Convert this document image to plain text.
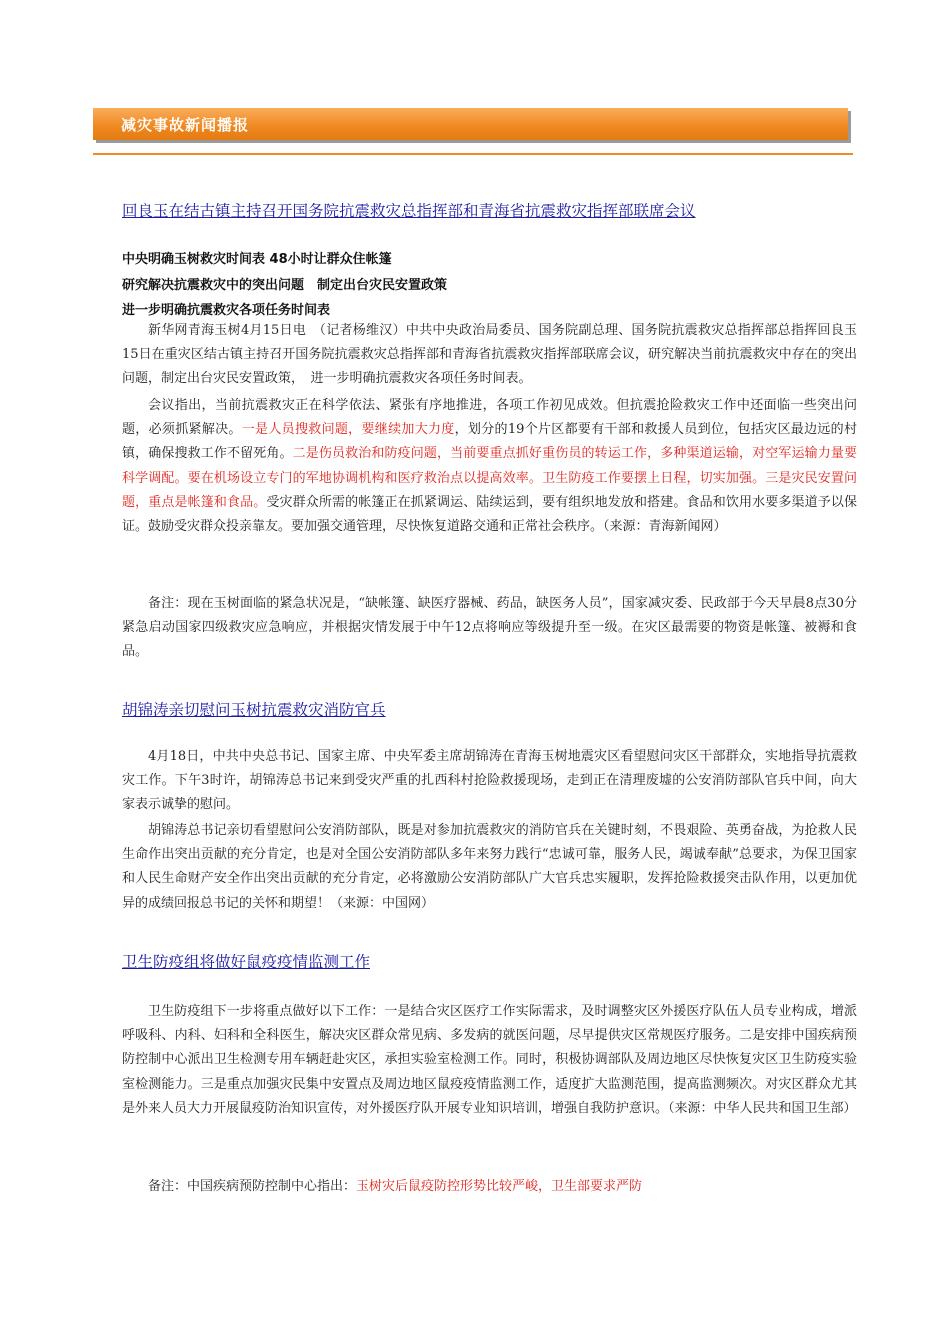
减灾事故新闻播报
回良玉在结古镇主持召开国务院抗震救灾总指挥部和青海省抗震救灾指挥部联席会议
中央明确玉树救灾时间表 48小时让群众住帐篷
研究解决抗震救灾中的突出问题　制定出台灾民安置政策
进一步明确抗震救灾各项任务时间表

新华网青海玉树4月15日电　（记者杨维汉）中共中央政治局委员、国务院副总理、国务院抗震救灾总指挥部总指挥回良玉15日在重灾区结古镇主持召开国务院抗震救灾总指挥部和青海省抗震救灾指挥部联席会议，研究解决当前抗震救灾中存在的突出问题，制定出台灾民安置政策，　进一步明确抗震救灾各项任务时间表。

会议指出，当前抗震救灾正在科学依法、紧张有序地推进，各项工作初见成效。但抗震抢险救灾工作中还面临一些突出问题，必须抓紧解决。一是人员搜救问题，要继续加大力度，划分的19个片区都要有干部和救援人员到位，包括灾区最边远的村镇，确保搜救工作不留死角。二是伤员救治和防疫问题，当前要重点抓好重伤员的转运工作，多种渠道运输，对空军运输力量要科学调配。要在机场设立专门的军地协调机构和医疗救治点以提高效率。卫生防疫工作要摆上日程，切实加强。三是灾民安置问题，重点是帐篷和食品。受灾群众所需的帐篷正在抓紧调运、陆续运到，要有组织地发放和搭建。食品和饮用水要多渠道予以保证。鼓励受灾群众投亲靠友。要加强交通管理，尽快恢复道路交通和正常社会秩序。（来源：青海新闻网）

备注：现在玉树面临的紧急状况是，“缺帐篷、缺医疗器械、药品，缺医务人员”，国家减灾委、民政部于今天早晨8点30分紧急启动国家四级救灾应急响应，并根据灾情发展于中午12点将响应等级提升至一级。在灾区最需要的物资是帐篷、被褥和食品。

胡锦涛亲切慰问玉树抗震救灾消防官兵

4月18日，中共中央总书记、国家主席、中央军委主席胡锦涛在青海玉树地震灾区看望慰问灾区干部群众，实地指导抗震救灾工作。下午3时许，胡锦涛总书记来到受灾严重的扎西科村抢险救援现场，走到正在清理废墟的公安消防部队官兵中间，向大家表示诚挚的慰问。

胡锦涛总书记亲切看望慰问公安消防部队，既是对参加抗震救灾的消防官兵在关键时刻，不畏艰险、英勇奋战，为抢救人民生命作出突出贡献的充分肯定，也是对全国公安消防部队多年来努力践行“忠诚可靠，服务人民，竭诚奉献”总要求，为保卫国家和人民生命财产安全作出突出贡献的充分肯定，必将激励公安消防部队广大官兵忠实履职，发挥抢险救援突击队作用，以更加优异的成绩回报总书记的关怀和期望！（来源：中国网）

卫生防疫组将做好鼠疫疫情监测工作

卫生防疫组下一步将重点做好以下工作：一是结合灾区医疗工作实际需求，及时调整灾区外援医疗队伍人员专业构成，增派呼吸科、内科、妇科和全科医生，解决灾区群众常见病、多发病的就医问题，尽早提供灾区常规医疗服务。二是安排中国疾病预防控制中心派出卫生检测专用车辆赶赴灾区，承担实验室检测工作。同时，积极协调部队及周边地区尽快恢复灾区卫生防疫实验室检测能力。三是重点加强灾民集中安置点及周边地区鼠疫疫情监测工作，适度扩大监测范围，提高监测频次。对灾区群众尤其是外来人员大力开展鼠疫防治知识宣传，对外援医疗队开展专业知识培训，增强自我防护意识。（来源：中华人民共和国卫生部）

备注：中国疾病预防控制中心指出：玉树灾后鼠疫防控形势比较严峻，卫生部要求严防
